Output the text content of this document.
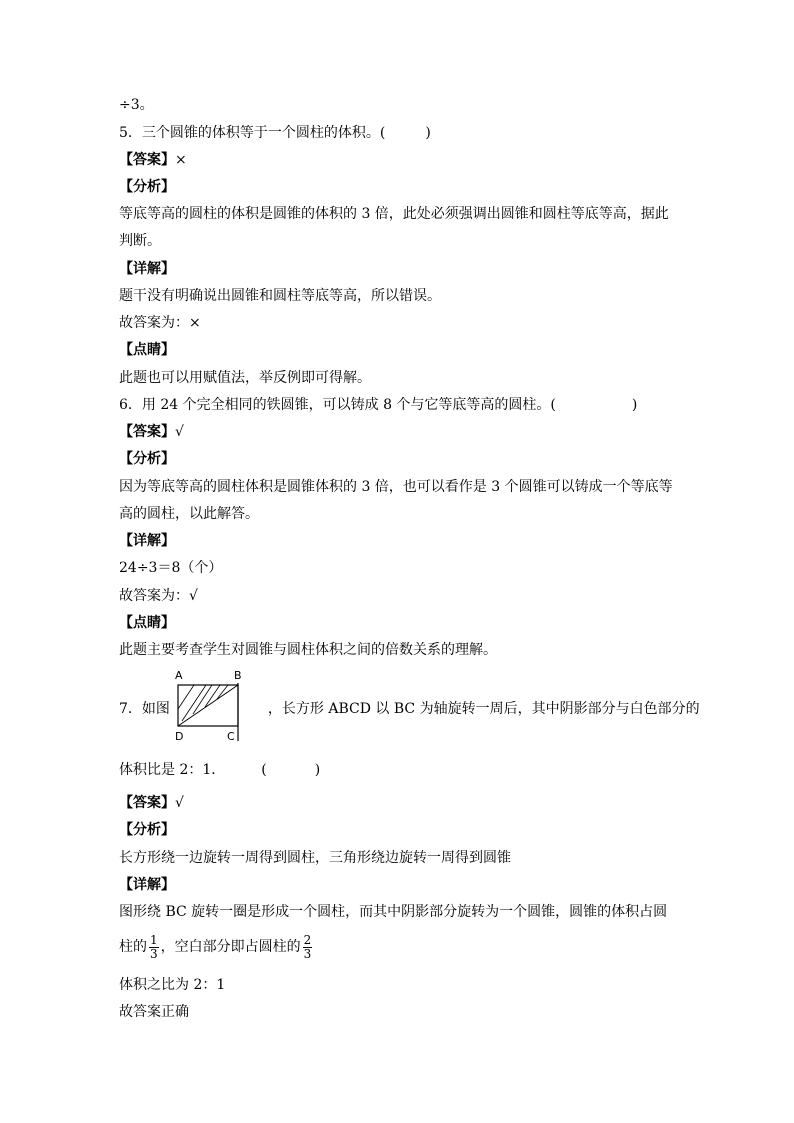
÷3。
5．三个圆锥的体积等于一个圆柱的体积。(	)
【答案】×
【分析】
等底等高的圆柱的体积是圆锥的体积的 3 倍，此处必须强调出圆锥和圆柱等底等高，据此
判断。
【详解】
题干没有明确说出圆锥和圆柱等底等高，所以错误。
故答案为：×
【点睛】
此题也可以用赋值法，举反例即可得解。
6．用 24 个完全相同的铁圆锥，可以铸成 8 个与它等底等高的圆柱。(	)
【答案】√
【分析】
因为等底等高的圆柱体积是圆锥体积的 3 倍，也可以看作是 3 个圆锥可以铸成一个等底等
高的圆柱，以此解答。
【详解】
24÷3＝8（个）
故答案为：√
【点睛】
此题主要考查学生对圆锥与圆柱体积之间的倍数关系的理解。
7．如图	，长方形 ABCD 以 BC 为轴旋转一周后，其中阴影部分与白色部分的
A	B
D	C
体积比是 2：1．	(	)
【答案】√
【分析】
长方形绕一边旋转一周得到圆柱，三角形绕边旋转一周得到圆锥
【详解】
图形绕 BC 旋转一圈是形成一个圆柱，而其中阴影部分旋转为一个圆锥，圆锥的体积占圆
柱的 $\frac{1}{3}$ ，空白部分即占圆柱的 $\frac{2}{3}$
体积之比为 2：1
故答案正确
